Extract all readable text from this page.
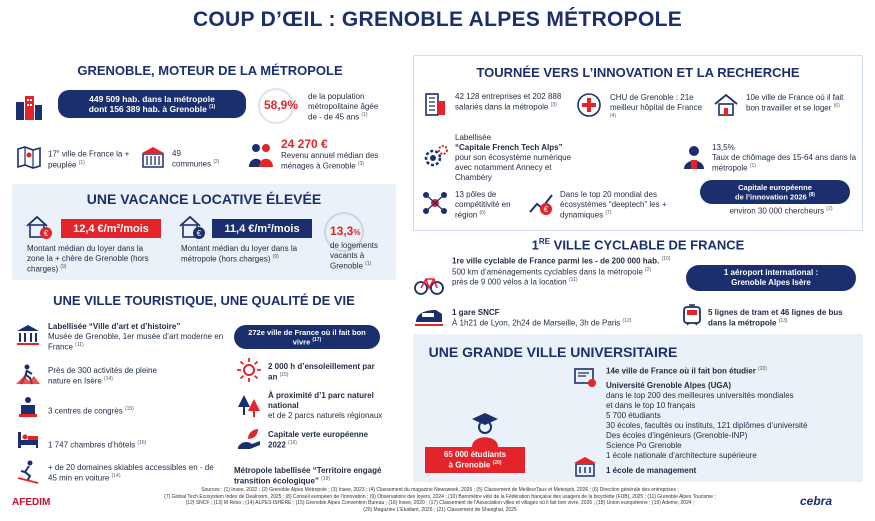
COUP D’ŒIL : GRENOBLE ALPES MÉTROPOLE
GRENOBLE, MOTEUR DE LA MÉTROPOLE
449 509 hab. dans la métropole
dont 156 389 hab. à Grenoble $^{(1)}$	58,9%
de la population métropolitaine âgée de - de 45 ans $^{(1)}$
17e ville de France la + peuplée $^{(1)}$
49
communes $^{(2)}$
24 270 €
Revenu annuel médian des ménages à Grenoble $^{(3)}$
UNE VACANCE LOCATIVE ÉLEVÉE
€	12,4 €/m²/mois
Montant médian du loyer dans la zone la + chère de Grenoble (hors charges) $^{(9)}$
€	11,4 €/m²/mois
Montant médian du loyer dans la métropole (hors charges) $^{(9)}$
13,3%
de logements vacants à Grenoble $^{(1)}$
UNE VILLE TOURISTIQUE, UNE QUALITÉ DE VIE
Labellisée “Ville d’art et d’histoire”
Musée de Grenoble, 1er musée d’art moderne en France $^{(11)}$
Près de 300 activités de pleine nature en Isère $^{(14)}$
3 centres de congrès $^{(15)}$
1 747 chambres d’hôtels $^{(16)}$
+ de 20 domaines skiables accessibles en - de 45 min en voiture $^{(14)}$
272e ville de France où il fait bon vivre $^{(17)}$
2 000 h d’ensoleillement par an $^{(15)}$
À proximité d’1 parc naturel national
et de 2 parcs naturels régionaux
Capitale verte européenne 2022 $^{(16)}$
Métropole labellisée “Territoire engagé transition écologique” $^{(19)}$
TOURNÉE VERS L’INNOVATION ET LA RECHERCHE
42 128 entreprises et 202 888 salariés dans la métropole $^{(3)}$
CHU de Grenoble : 21e meilleur hôpital de France $^{(4)}$
10e ville de France où il fait bon travailler et se loger $^{(6)}$
Labellisée
“Capitale French Tech Alps”
pour son écosystème numérique avec notamment Annecy et Chambéry
13,5%
Taux de chômage des 15-64 ans dans la métropole $^{(1)}$
13 pôles de compétitivité en région $^{(6)}$	€
Dans le top 20 mondial des écosystèmes “deeptech” les + dynamiques $^{(7)}$
Capitale européenne
de l’innovation 2026 $^{(8)}$
environ 30 000 chercheurs $^{(2)}$
1RE VILLE CYCLABLE DE FRANCE
1re ville cyclable de France parmi les - de 200 000 hab. $^{(10)}$
500 km d’aménagements cyclables dans la métropole $^{(2)}$
près de 9 000 vélos à la location $^{(11)}$
1 aéroport international :
Grenoble Alpes Isère
1 gare SNCF
À 1h21 de Lyon, 2h24 de Marseille, 3h de Paris $^{(12)}$
5 lignes de tram et 46 lignes de bus dans la métropole $^{(13)}$
UNE GRANDE VILLE UNIVERSITAIRE
65 000 étudiants
à Grenoble $^{(20)}$
14e ville de France où il fait bon étudier $^{(20)}$
Université Grenoble Alpes (UGA)
dans le top 200 des meilleures universités mondiales
et dans le top 10 français
5 700 étudiants
30 écoles, facultés ou instituts, 121 diplômes d’université
Des écoles d’ingénieurs (Grenoble-INP)
Science Po Grenoble
1 école nationale d’architecture supérieure
1 école de management
Sources : (1) Insee, 2022 ; (2) Grenoble Alpes Métropole ; (3) Insee, 2023 ; (4) Classement du magazine Newsweek, 2026 ; (5) Classement de MeilleurTaux et Meteojob, 2026 ; (6) Direction générale des entreprises ;
(7) Global Tech Ecosystem Index de Dealroom, 2025 ; (8) Conseil européen de l’innovation ; (9) Observatoire des loyers, 2024 ; (10) Baromètre vélo de la Fédération française des usagers de la bicyclette (FUB), 2025 ; (11) Grenoble Alpes Tourisme ;
(12) SNCF ; (13) M Réso ; (14) ALPES ISHÈRE ; (15) Grenoble Alpes Convention Bureau ; (16) Insee, 2020 ; (17) Classement de l’Association villes et villages où il fait bon vivre, 2026 ; (18) Union européenne ; (19) Ademe, 2024 ;
(20) Magazine L’Étudiant, 2026 ; (21) Classement de Shanghai, 2025
AFEDIM	cebra
